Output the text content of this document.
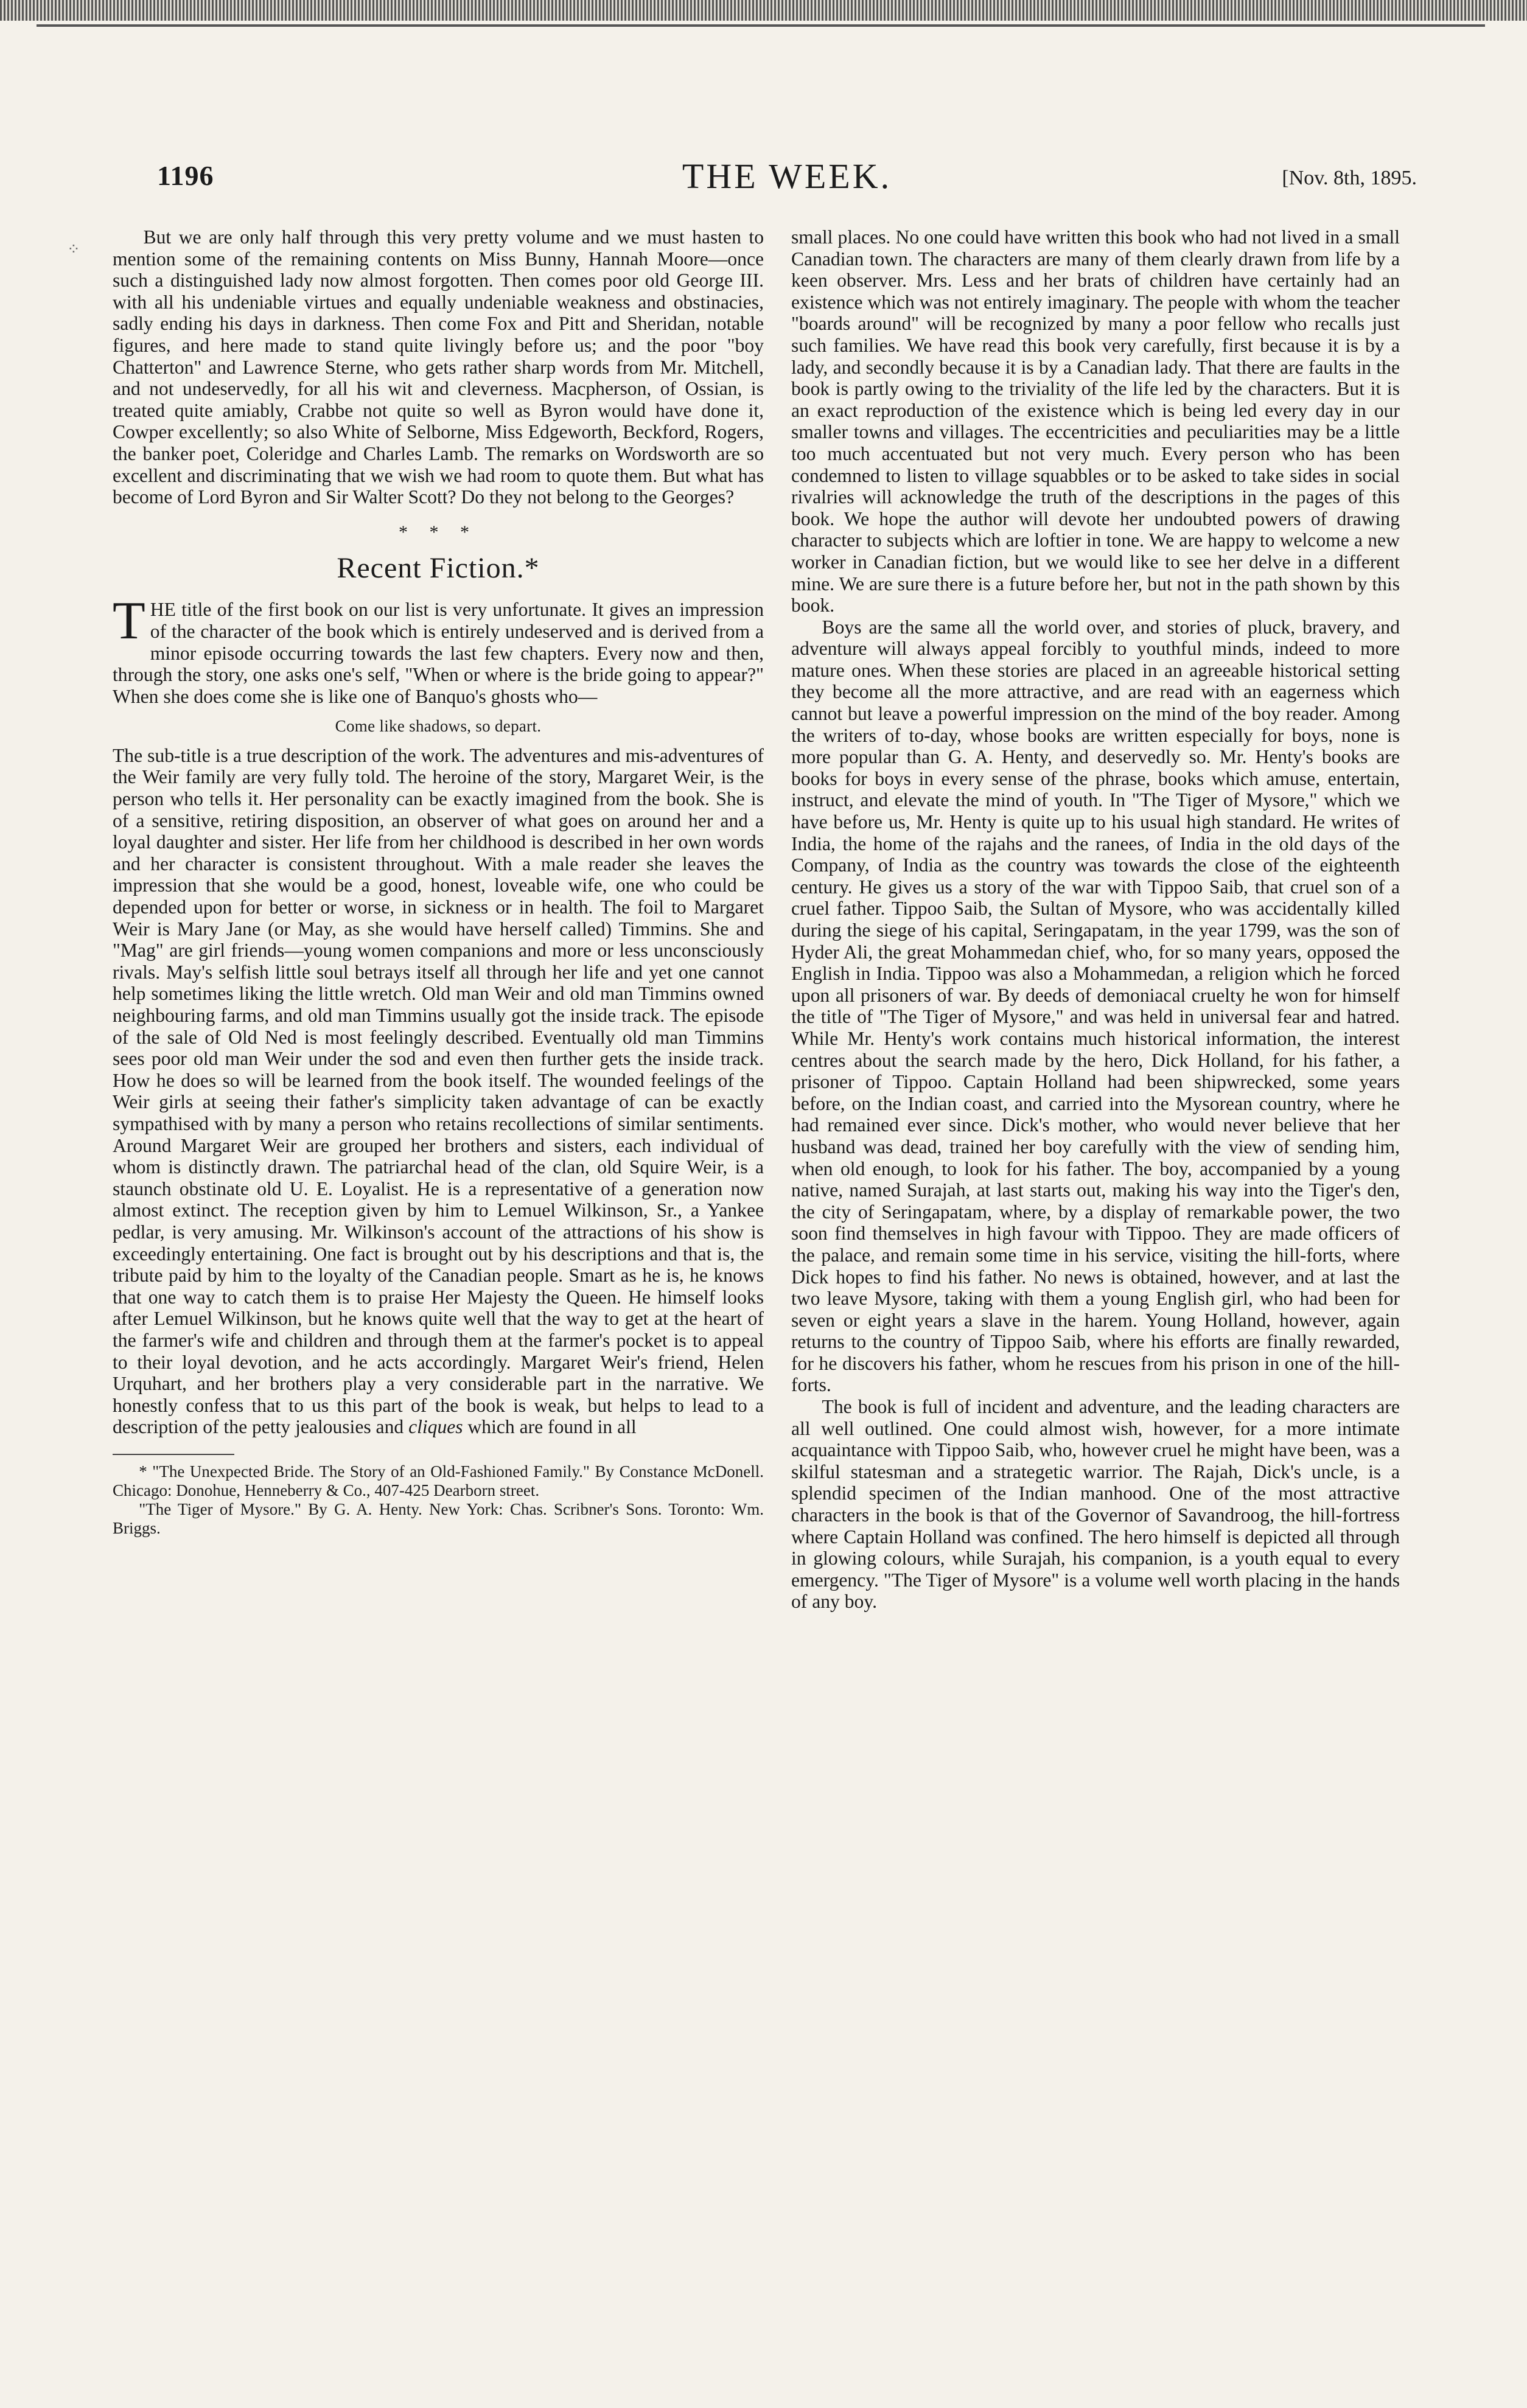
⁘
1196	THE WEEK.	[Nov. 8th, 1895.

But we are only half through this very pretty volume and we must hasten to mention some of the remaining contents on Miss Bunny, Hannah Moore—once such a distinguished lady now almost forgotten. Then comes poor old George III. with all his undeniable virtues and equally undeniable weakness and obstinacies, sadly ending his days in darkness. Then come Fox and Pitt and Sheridan, notable figures, and here made to stand quite livingly before us; and the poor "boy Chatterton" and Lawrence Sterne, who gets rather sharp words from Mr. Mitchell, and not undeservedly, for all his wit and cleverness. Macpherson, of Ossian, is treated quite amiably, Crabbe not quite so well as Byron would have done it, Cowper excellently; so also White of Selborne, Miss Edgeworth, Beckford, Rogers, the banker poet, Coleridge and Charles Lamb. The remarks on Wordsworth are so excellent and discriminating that we wish we had room to quote them. But what has become of Lord Byron and Sir Walter Scott? Do they not belong to the Georges?

* * *
Recent Fiction.*

THE title of the first book on our list is very unfortunate. It gives an impression of the character of the book which is entirely undeserved and is derived from a minor episode occurring towards the last few chapters. Every now and then, through the story, one asks one's self, "When or where is the bride going to appear?" When she does come she is like one of Banquo's ghosts who—

Come like shadows, so depart.

The sub-title is a true description of the work. The adventures and mis-adventures of the Weir family are very fully told. The heroine of the story, Margaret Weir, is the person who tells it. Her personality can be exactly imagined from the book. She is of a sensitive, retiring disposition, an observer of what goes on around her and a loyal daughter and sister. Her life from her childhood is described in her own words and her character is consistent throughout. With a male reader she leaves the impression that she would be a good, honest, loveable wife, one who could be depended upon for better or worse, in sickness or in health. The foil to Margaret Weir is Mary Jane (or May, as she would have herself called) Timmins. She and "Mag" are girl friends—young women companions and more or less unconsciously rivals. May's selfish little soul betrays itself all through her life and yet one cannot help sometimes liking the little wretch. Old man Weir and old man Timmins owned neighbouring farms, and old man Timmins usually got the inside track. The episode of the sale of Old Ned is most feelingly described. Eventually old man Timmins sees poor old man Weir under the sod and even then further gets the inside track. How he does so will be learned from the book itself. The wounded feelings of the Weir girls at seeing their father's simplicity taken advantage of can be exactly sympathised with by many a person who retains recollections of similar sentiments. Around Margaret Weir are grouped her brothers and sisters, each individual of whom is distinctly drawn. The patriarchal head of the clan, old Squire Weir, is a staunch obstinate old U. E. Loyalist. He is a representative of a generation now almost extinct. The reception given by him to Lemuel Wilkinson, Sr., a Yankee pedlar, is very amusing. Mr. Wilkinson's account of the attractions of his show is exceedingly entertaining. One fact is brought out by his descriptions and that is, the tribute paid by him to the loyalty of the Canadian people. Smart as he is, he knows that one way to catch them is to praise Her Majesty the Queen. He himself looks after Lemuel Wilkinson, but he knows quite well that the way to get at the heart of the farmer's wife and children and through them at the farmer's pocket is to appeal to their loyal devotion, and he acts accordingly. Margaret Weir's friend, Helen Urquhart, and her brothers play a very considerable part in the narrative. We honestly confess that to us this part of the book is weak, but helps to lead to a description of the petty jealousies and cliques which are found in all

* "The Unexpected Bride. The Story of an Old-Fashioned Family." By Constance McDonell. Chicago: Donohue, Henneberry & Co., 407-425 Dearborn street.

"The Tiger of Mysore." By G. A. Henty. New York: Chas. Scribner's Sons. Toronto: Wm. Briggs.

small places. No one could have written this book who had not lived in a small Canadian town. The characters are many of them clearly drawn from life by a keen observer. Mrs. Less and her brats of children have certainly had an existence which was not entirely imaginary. The people with whom the teacher "boards around" will be recognized by many a poor fellow who recalls just such families. We have read this book very carefully, first because it is by a lady, and secondly because it is by a Canadian lady. That there are faults in the book is partly owing to the triviality of the life led by the characters. But it is an exact reproduction of the existence which is being led every day in our smaller towns and villages. The eccentricities and peculiarities may be a little too much accentuated but not very much. Every person who has been condemned to listen to village squabbles or to be asked to take sides in social rivalries will acknowledge the truth of the descriptions in the pages of this book. We hope the author will devote her undoubted powers of drawing character to subjects which are loftier in tone. We are happy to welcome a new worker in Canadian fiction, but we would like to see her delve in a different mine. We are sure there is a future before her, but not in the path shown by this book.

Boys are the same all the world over, and stories of pluck, bravery, and adventure will always appeal forcibly to youthful minds, indeed to more mature ones. When these stories are placed in an agreeable historical setting they become all the more attractive, and are read with an eagerness which cannot but leave a powerful impression on the mind of the boy reader. Among the writers of to-day, whose books are written especially for boys, none is more popular than G. A. Henty, and deservedly so. Mr. Henty's books are books for boys in every sense of the phrase, books which amuse, entertain, instruct, and elevate the mind of youth. In "The Tiger of Mysore," which we have before us, Mr. Henty is quite up to his usual high standard. He writes of India, the home of the rajahs and the ranees, of India in the old days of the Company, of India as the country was towards the close of the eighteenth century. He gives us a story of the war with Tippoo Saib, that cruel son of a cruel father. Tippoo Saib, the Sultan of Mysore, who was accidentally killed during the siege of his capital, Seringapatam, in the year 1799, was the son of Hyder Ali, the great Mohammedan chief, who, for so many years, opposed the English in India. Tippoo was also a Mohammedan, a religion which he forced upon all prisoners of war. By deeds of demoniacal cruelty he won for himself the title of "The Tiger of Mysore," and was held in universal fear and hatred. While Mr. Henty's work contains much historical information, the interest centres about the search made by the hero, Dick Holland, for his father, a prisoner of Tippoo. Captain Holland had been shipwrecked, some years before, on the Indian coast, and carried into the Mysorean country, where he had remained ever since. Dick's mother, who would never believe that her husband was dead, trained her boy carefully with the view of sending him, when old enough, to look for his father. The boy, accompanied by a young native, named Surajah, at last starts out, making his way into the Tiger's den, the city of Seringapatam, where, by a display of remarkable power, the two soon find themselves in high favour with Tippoo. They are made officers of the palace, and remain some time in his service, visiting the hill-forts, where Dick hopes to find his father. No news is obtained, however, and at last the two leave Mysore, taking with them a young English girl, who had been for seven or eight years a slave in the harem. Young Holland, however, again returns to the country of Tippoo Saib, where his efforts are finally rewarded, for he discovers his father, whom he rescues from his prison in one of the hill-forts.

The book is full of incident and adventure, and the leading characters are all well outlined. One could almost wish, however, for a more intimate acquaintance with Tippoo Saib, who, however cruel he might have been, was a skilful statesman and a strategetic warrior. The Rajah, Dick's uncle, is a splendid specimen of the Indian manhood. One of the most attractive characters in the book is that of the Governor of Savandroog, the hill-fortress where Captain Holland was confined. The hero himself is depicted all through in glowing colours, while Surajah, his companion, is a youth equal to every emergency. "The Tiger of Mysore" is a volume well worth placing in the hands of any boy.
